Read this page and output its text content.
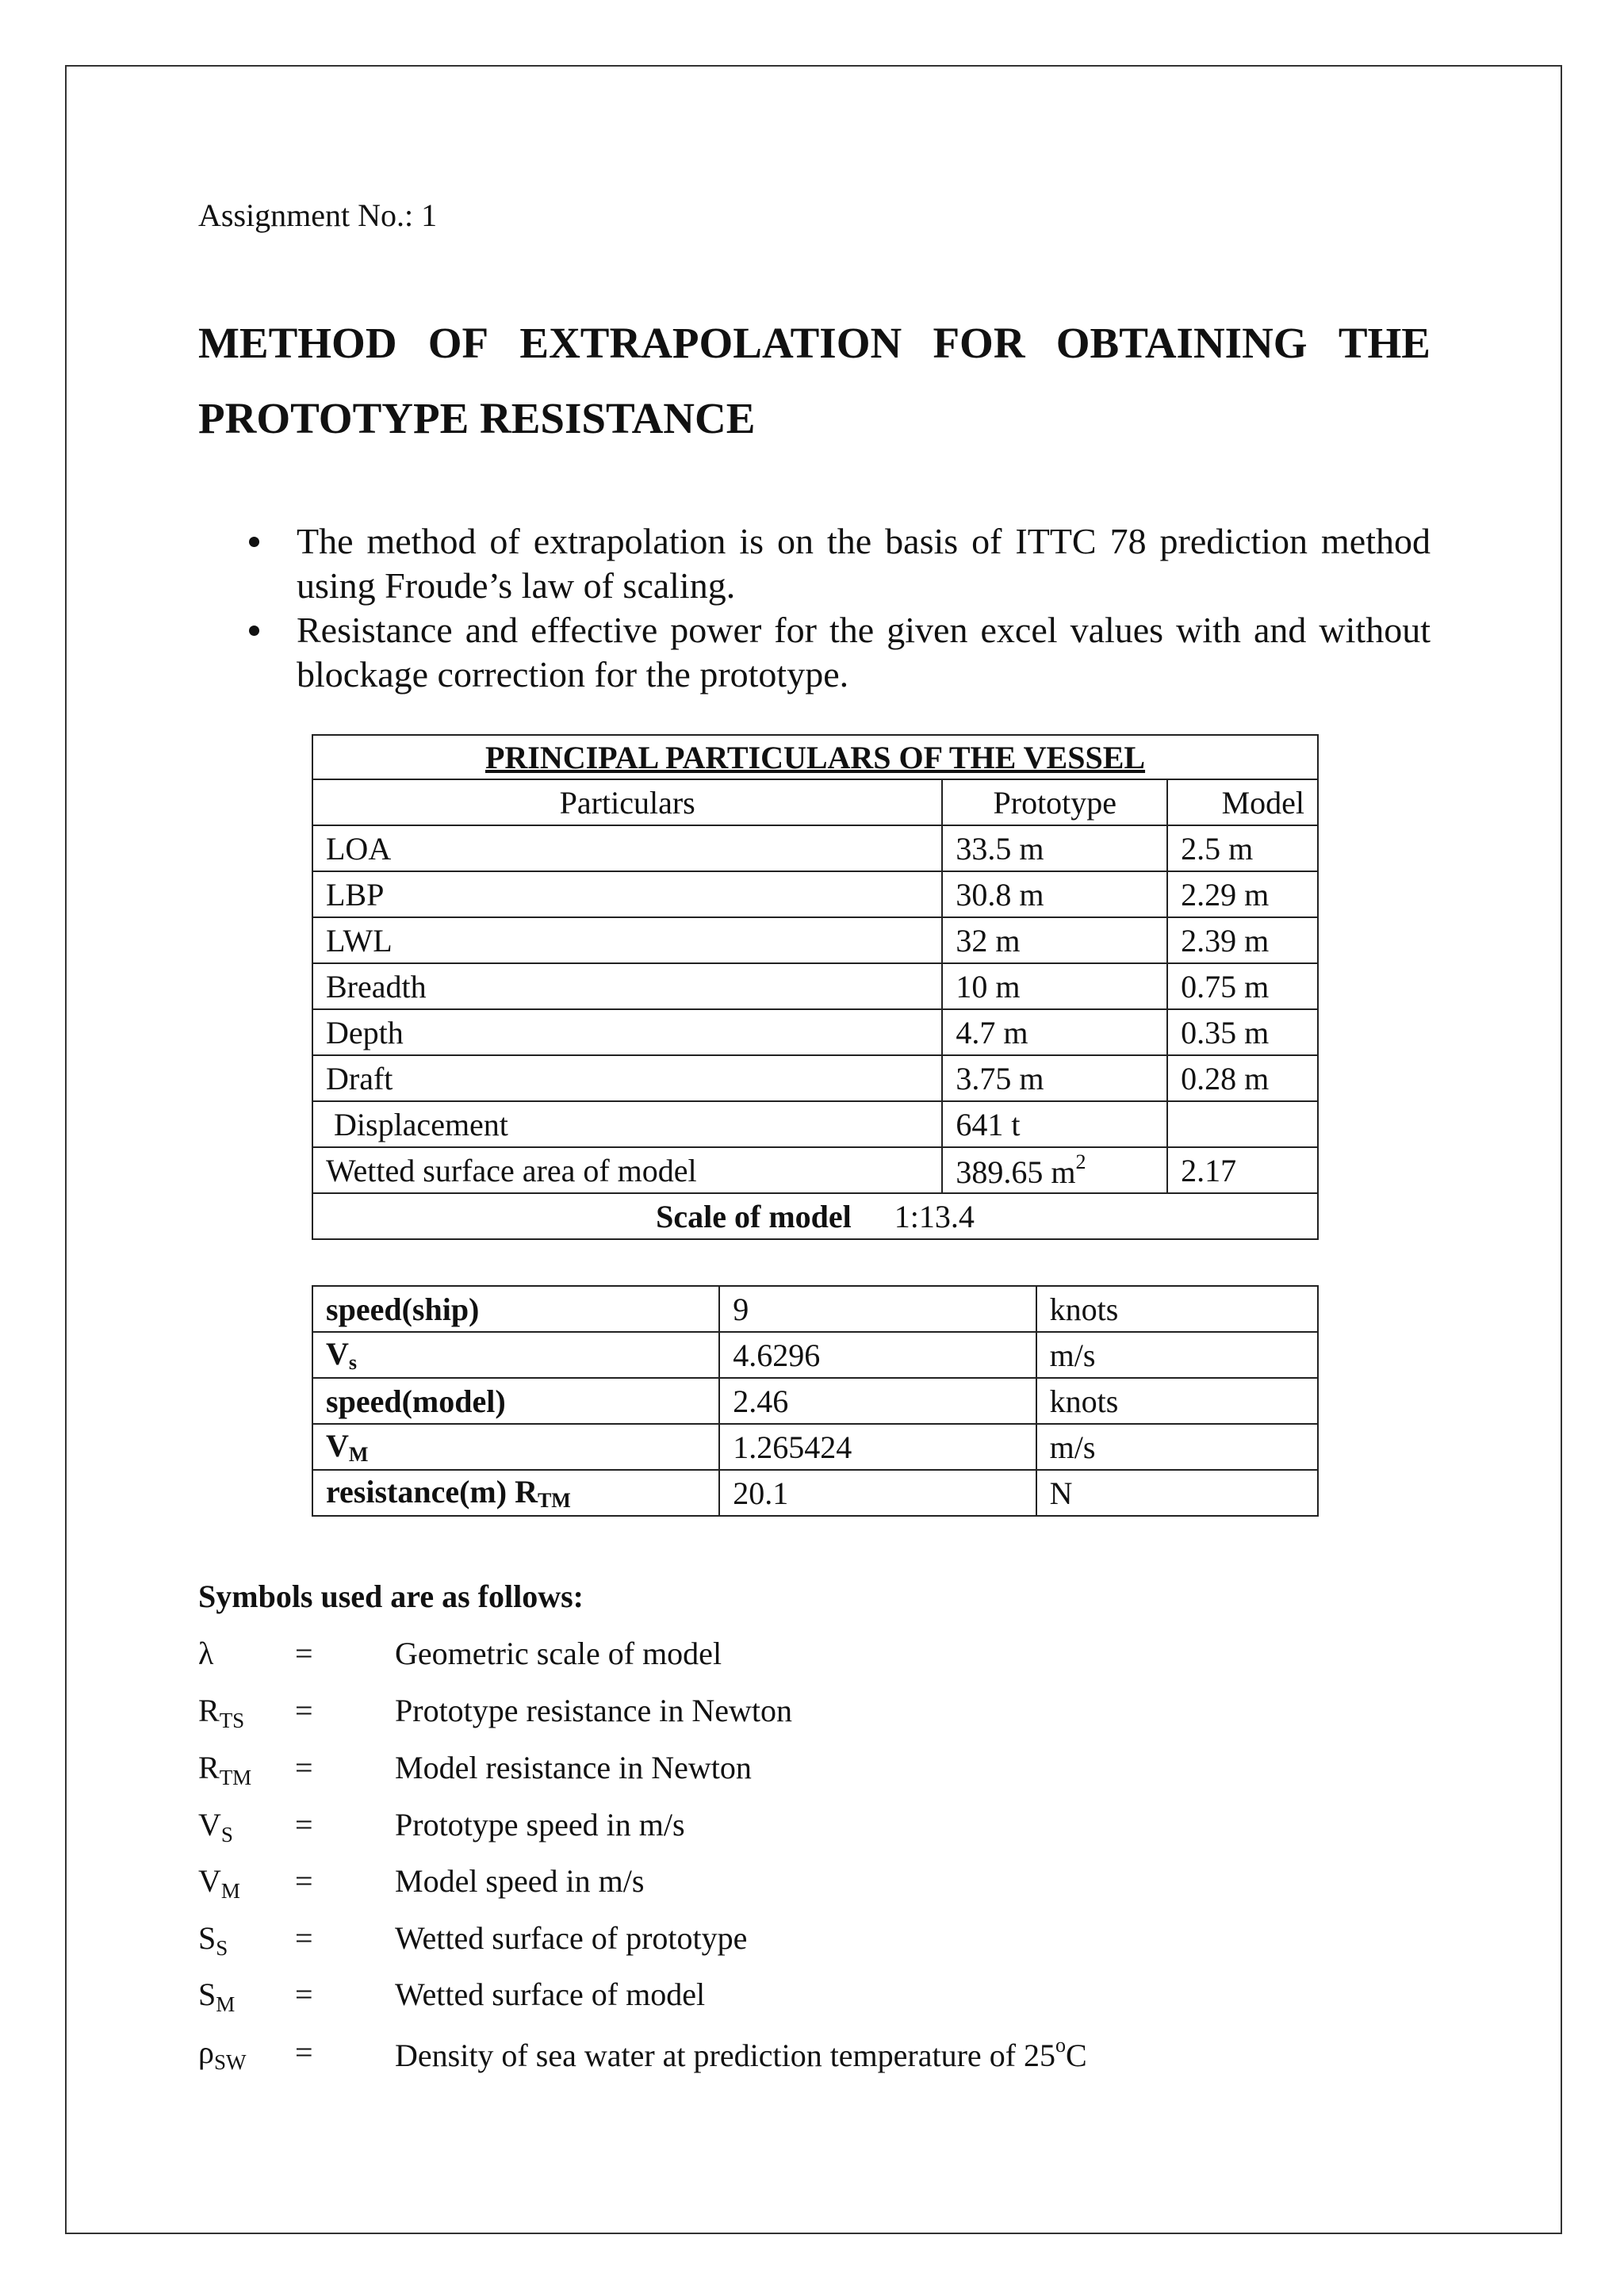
Assignment No.: 1
METHOD OF EXTRAPOLATION FOR OBTAINING THE
PROTOTYPE RESISTANCE
The method of extrapolation is on the basis of ITTC 78 prediction method using Froude’s law of scaling.
Resistance and effective power for the given excel values with and without blockage correction for the prototype.
PRINCIPAL PARTICULARS OF THE VESSEL		
Particulars	Prototype	Model
LOA	33.5 m	2.5 m
LBP	30.8 m	2.29 m
LWL	32 m	2.39 m
Breadth	10 m	0.75 m
Depth	4.7 m	0.35 m
Draft	3.75 m	0.28 m
Displacement	641 t	
Wetted surface area of model	389.65 $m^2$	2.17
Scale of model 1:13.4		
speed(ship)	9	knots
$V_s$	4.6296	m/s
speed(model)	2.46	knots
$V_M$	1.265424	m/s
resistance(m) $R_{TM}$	20.1	N
Symbols used are as follows:
λ	=	Geometric scale of model
$R_{TS}$	=	Prototype resistance in Newton
$R_{TM}$	=	Model resistance in Newton
$V_S$	=	Prototype speed in m/s
$V_M$	=	Model speed in m/s
$S_S$	=	Wetted surface of prototype
$S_M$	=	Wetted surface of model
$\rho_{SW}$	=	Density of sea water at prediction temperature of 25$^o$C
